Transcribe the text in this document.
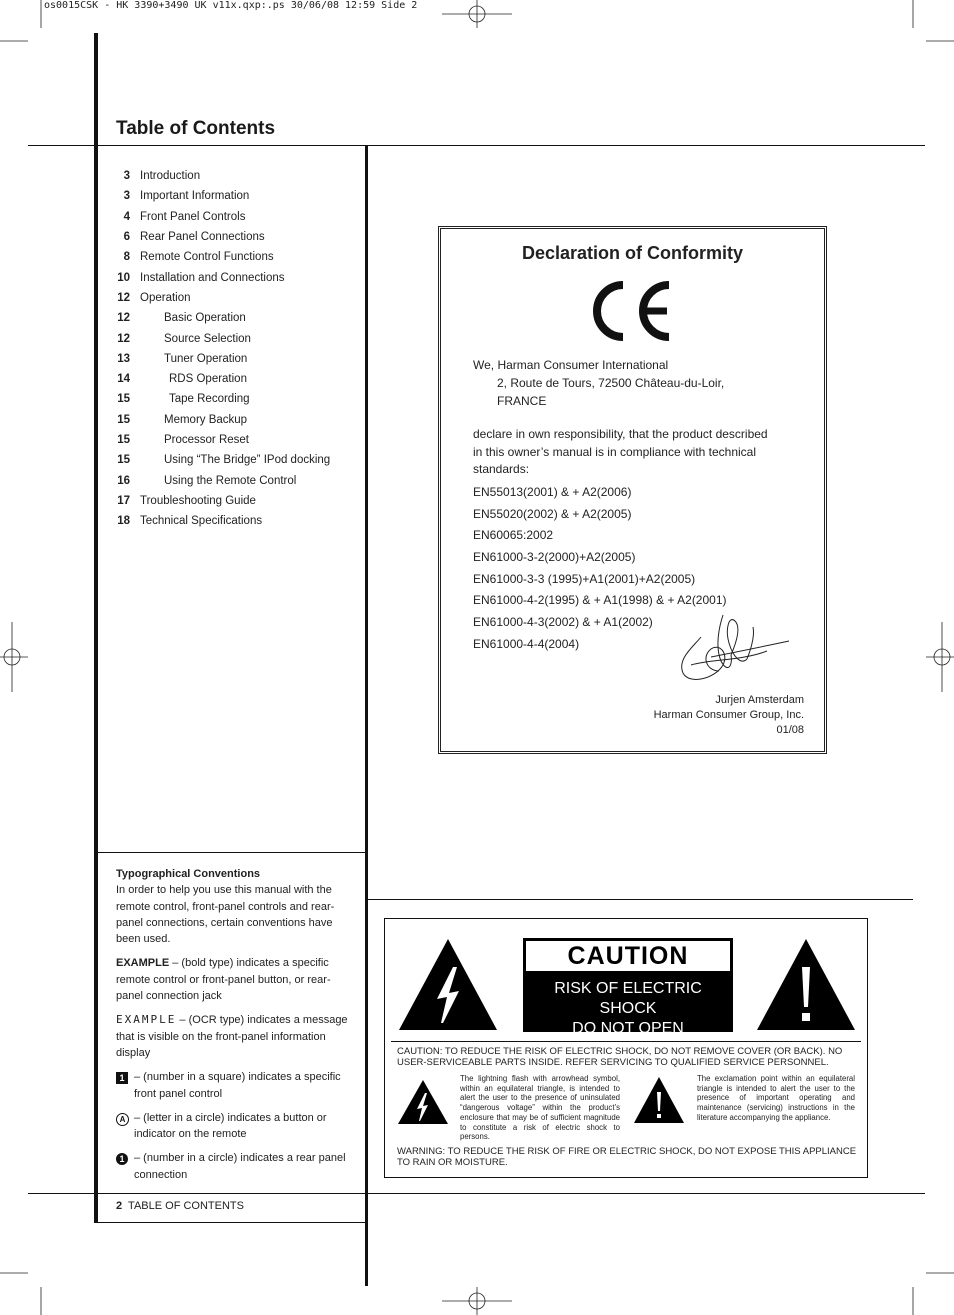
os0015CSK - HK 3390+3490 UK v11x.qxp:.ps 30/06/08 12:59 Side 2
Table of Contents
3 Introduction
3 Important Information
4 Front Panel Controls
6 Rear Panel Connections
8 Remote Control Functions
10 Installation and Connections
12 Operation
12	Basic Operation
12	Source Selection
13	Tuner Operation
14	RDS Operation
15	Tape Recording
15	Memory Backup
15	Processor Reset
15	Using “The Bridge” IPod docking
16	Using the Remote Control
17 Troubleshooting Guide
18 Technical Specifications
Declaration of Conformity
We, Harman Consumer International
2, Route de Tours, 72500 Château-du-Loir,
FRANCE
declare in own responsibility, that the product described in this owner’s manual is in compliance with technical standards:
EN55013(2001) & + A2(2006)
EN55020(2002) & + A2(2005)
EN60065:2002
EN61000-3-2(2000)+A2(2005)
EN61000-3-3 (1995)+A1(2001)+A2(2005)
EN61000-4-2(1995) & + A1(1998) & + A2(2001)
EN61000-4-3(2002) & + A1(2002)
EN61000-4-4(2004)
Jurjen Amsterdam
Harman Consumer Group, Inc.
01/08

Typographical Conventions

In order to help you use this manual with the remote control, front-panel controls and rear-panel connections, certain conventions have been used.

EXAMPLE – (bold type) indicates a specific remote control or front-panel button, or rear-panel connection jack

EXAMPLE – (OCR type) indicates a message that is visible on the front-panel information display

1 – (number in a square) indicates a specific front panel control
A – (letter in a circle) indicates a button or indicator on the remote
1 – (number in a circle) indicates a rear panel connection
CAUTION
RISK OF ELECTRIC SHOCK
DO NOT OPEN
CAUTION: TO REDUCE THE RISK OF ELECTRIC SHOCK, DO NOT REMOVE COVER (OR BACK). NO USER-SERVICEABLE PARTS INSIDE. REFER SERVICING TO QUALIFIED SERVICE PERSONNEL.
The lightning flash with arrowhead symbol, within an equilateral triangle, is intended to alert the user to the presence of uninsulated “dangerous voltage” within the product’s enclosure that may be of sufficient magnitude to constitute a risk of electric shock to persons.
The exclamation point within an equilateral triangle is intended to alert the user to the presence of important operating and maintenance (servicing) instructions in the literature accompanying the appliance.
WARNING: TO REDUCE THE RISK OF FIRE OR ELECTRIC SHOCK, DO NOT EXPOSE THIS APPLIANCE TO RAIN OR MOISTURE.
2 TABLE OF CONTENTS
